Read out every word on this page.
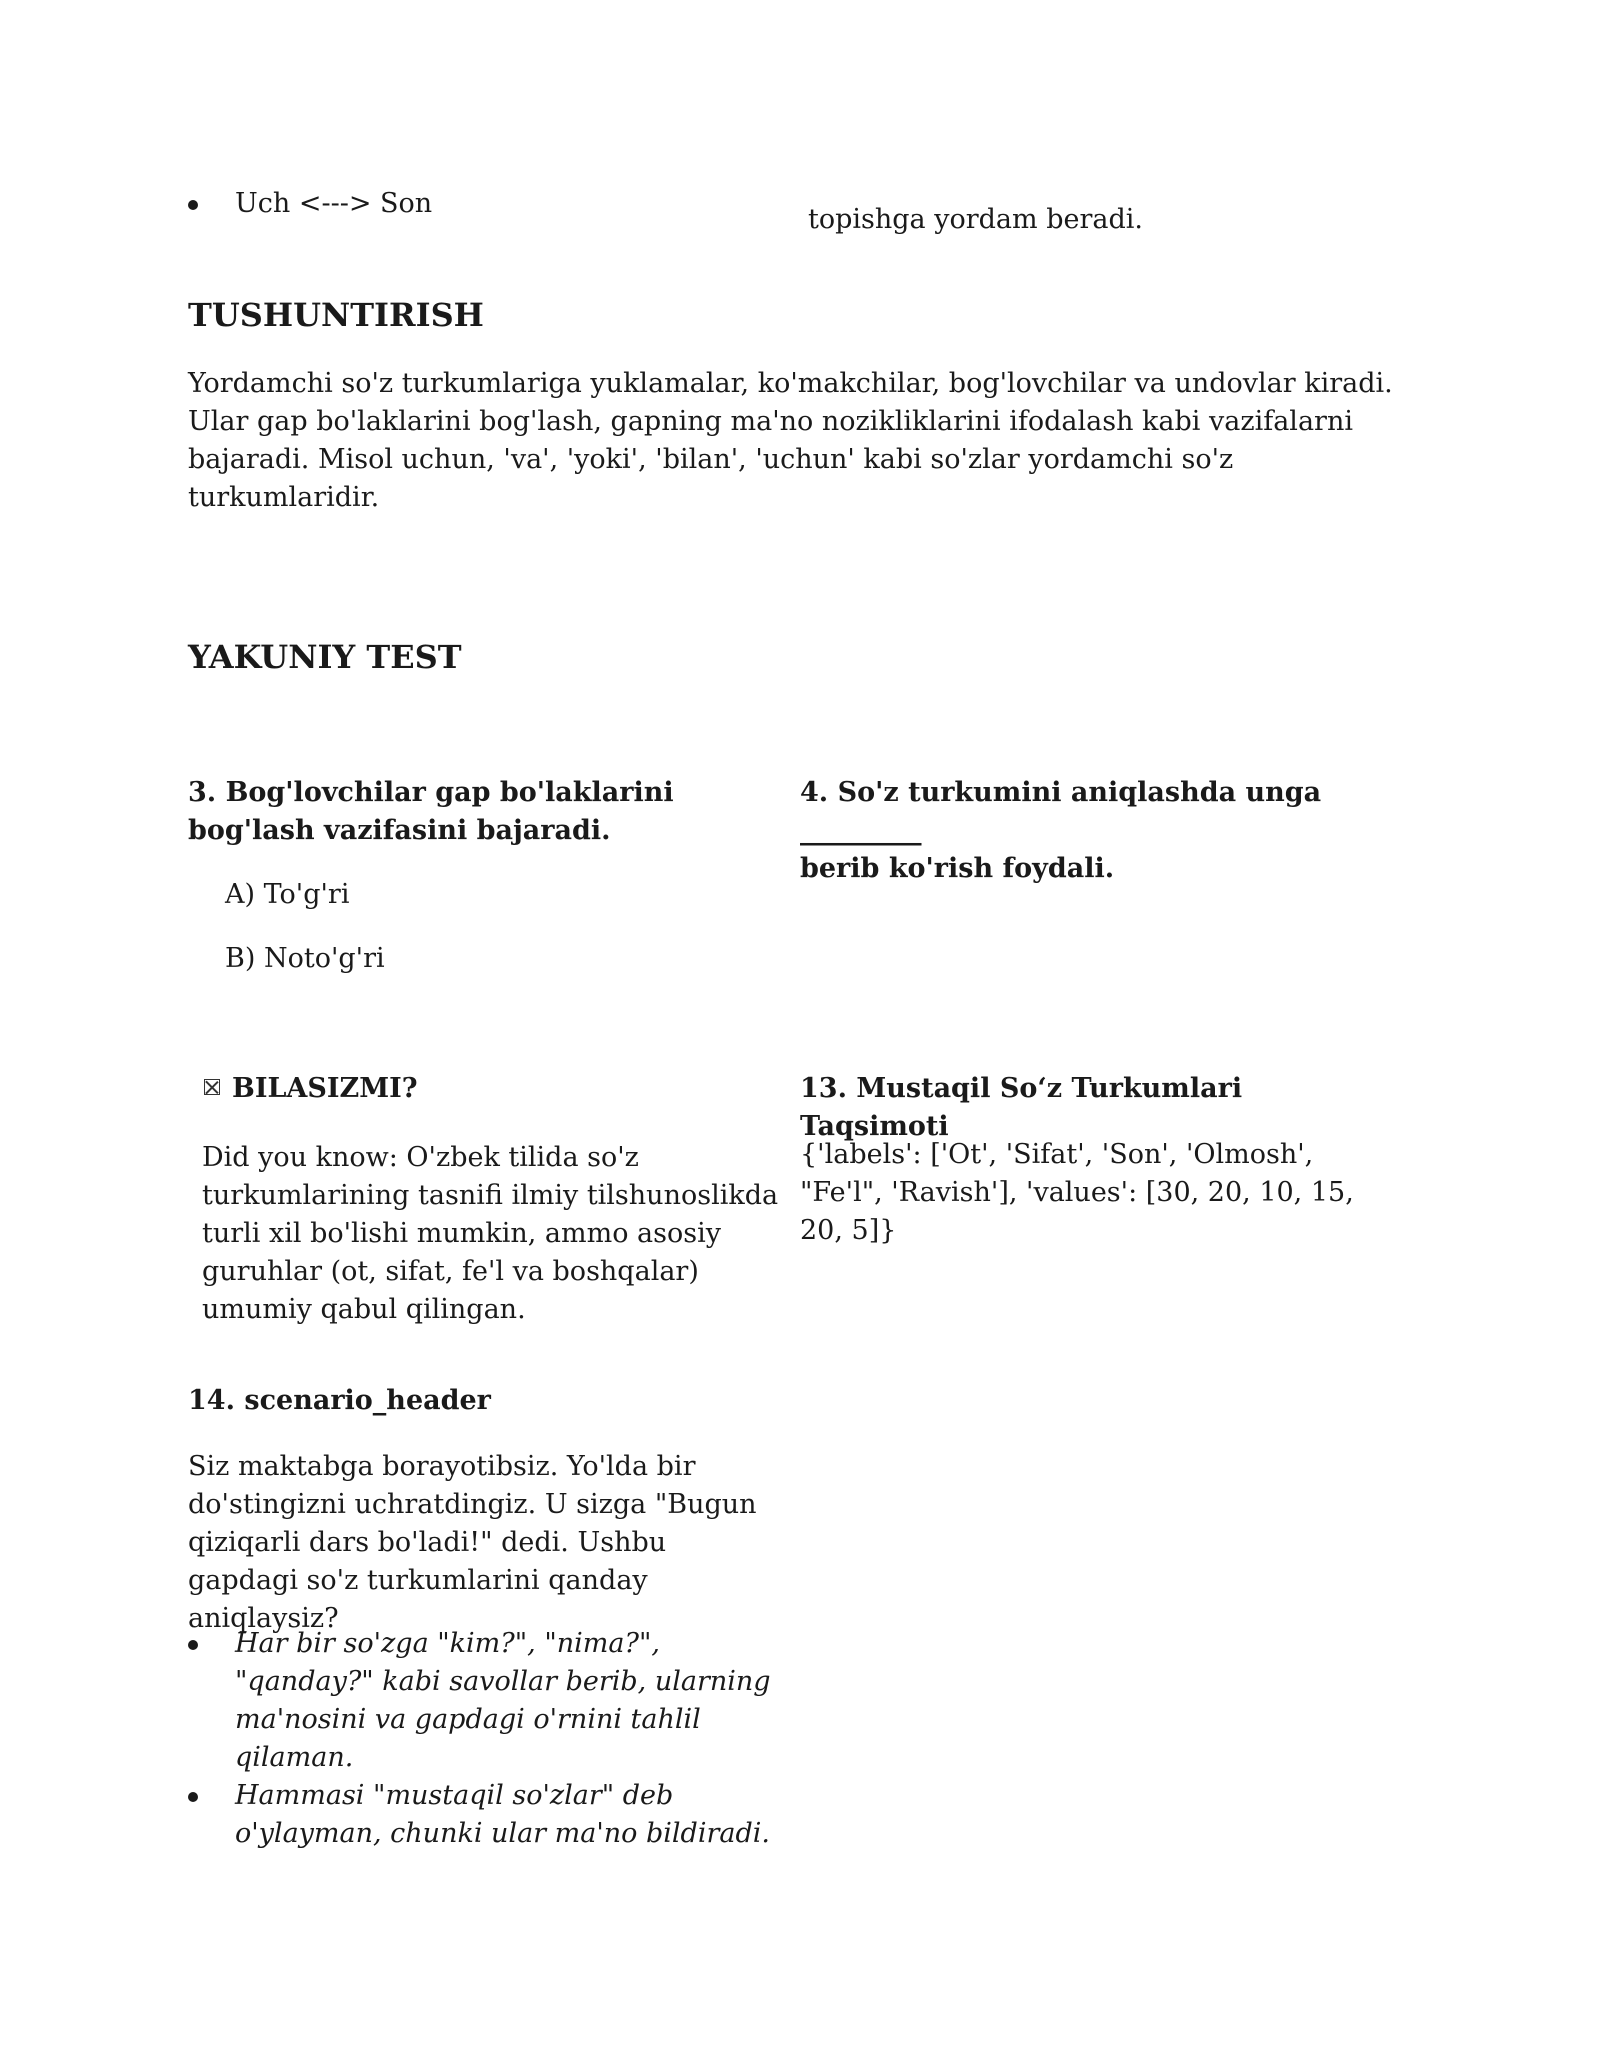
Uch <---> Son
topishga yordam beradi.
TUSHUNTIRISH
Yordamchi so'z turkumlariga yuklamalar, ko'makchilar, bog'lovchilar va undovlar kiradi. Ular gap bo'laklarini bog'lash, gapning ma'no nozikliklarini ifodalash kabi vazifalarni bajaradi. Misol uchun, 'va', 'yoki', 'bilan', 'uchun' kabi so'zlar yordamchi so'z turkumlaridir.
YAKUNIY TEST
3. Bog'lovchilar gap bo'laklarini bog'lash vazifasini bajaradi.
A) To'g'ri
B) Noto'g'ri
4. So'z turkumini aniqlashda unga _________
berib ko'rish foydali.
BILASIZMI?
Did you know: O'zbek tilida so'z turkumlarining tasnifi ilmiy tilshunoslikda turli xil bo'lishi mumkin, ammo asosiy guruhlar (ot, sifat, fe'l va boshqalar) umumiy qabul qilingan.
13. Mustaqil So‘z Turkumlari Taqsimoti
{'labels': ['Ot', 'Sifat', 'Son', 'Olmosh', "Fe'l", 'Ravish'], 'values': [30, 20, 10, 15, 20, 5]}
14. scenario_header
Siz maktabga borayotibsiz. Yo'lda bir do'stingizni uchratdingiz. U sizga "Bugun qiziqarli dars bo'ladi!" dedi. Ushbu gapdagi so'z turkumlarini qanday aniqlaysiz?
Har bir so'zga "kim?", "nima?", "qanday?" kabi savollar berib, ularning ma'nosini va gapdagi o'rnini tahlil qilaman.
Hammasi "mustaqil so'zlar" deb o'ylayman, chunki ular ma'no bildiradi.
